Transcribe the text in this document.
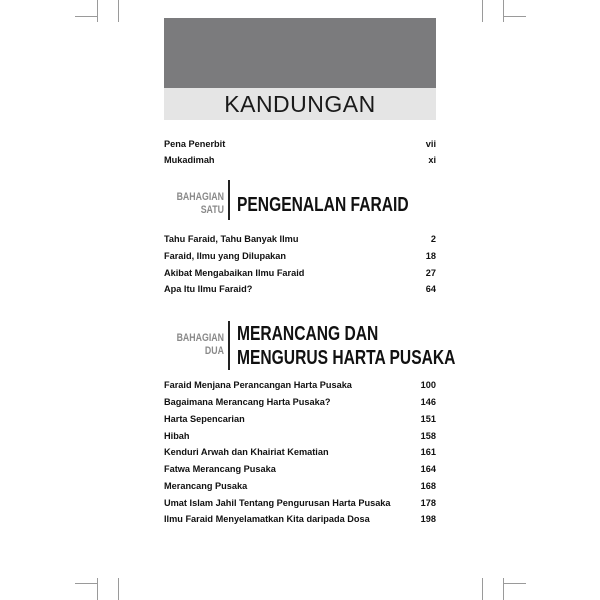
KANDUNGAN
Pena Penerbit	vii
Mukadimah	xi
BAHAGIAN
SATU PENGENALAN FARAID
Tahu Faraid, Tahu Banyak Ilmu	2
Faraid, Ilmu yang Dilupakan	18
Akibat Mengabaikan Ilmu Faraid	27
Apa Itu Ilmu Faraid?	64
BAHAGIAN
DUA
MERANCANG DAN
MENGURUS HARTA PUSAKA
Faraid Menjana Perancangan Harta Pusaka	100
Bagaimana Merancang Harta Pusaka?	146
Harta Sepencarian	151
Hibah	158
Kenduri Arwah dan Khairiat Kematian	161
Fatwa Merancang Pusaka	164
Merancang Pusaka	168
Umat Islam Jahil Tentang Pengurusan Harta Pusaka	178
Ilmu Faraid Menyelamatkan Kita daripada Dosa	198
